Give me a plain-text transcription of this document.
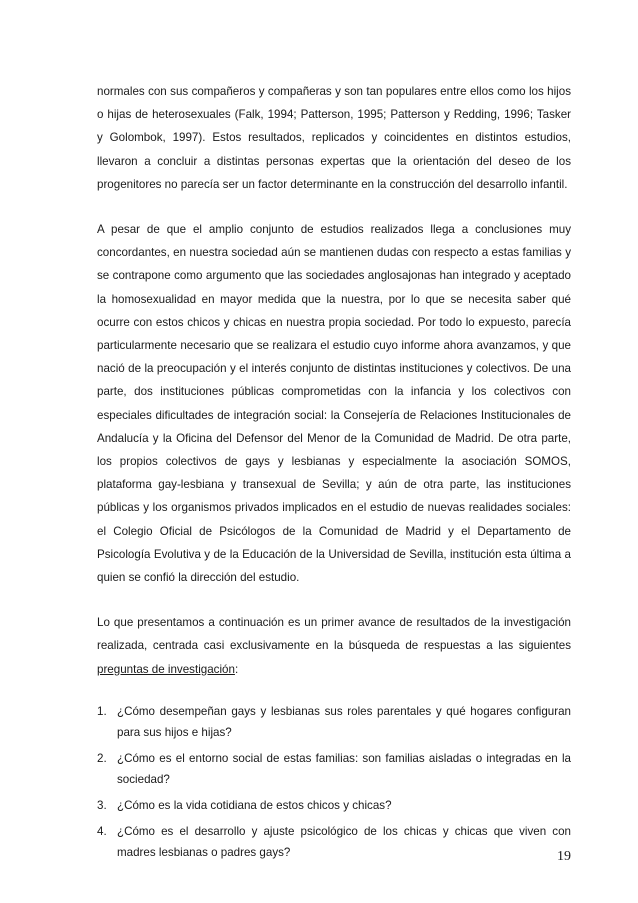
normales con sus compañeros y compañeras y son tan populares entre ellos como los hijos o hijas de heterosexuales (Falk, 1994; Patterson, 1995; Patterson y Redding, 1996; Tasker y Golombok, 1997). Estos resultados, replicados y coincidentes en distintos estudios, llevaron a concluir a distintas personas expertas que la orientación del deseo de los progenitores no parecía ser un factor determinante en la construcción del desarrollo infantil.

A pesar de que el amplio conjunto de estudios realizados llega a conclusiones muy concordantes, en nuestra sociedad aún se mantienen dudas con respecto a estas familias y se contrapone como argumento que las sociedades anglosajonas han integrado y aceptado la homosexualidad en mayor medida que la nuestra, por lo que se necesita saber qué ocurre con estos chicos y chicas en nuestra propia sociedad. Por todo lo expuesto, parecía particularmente necesario que se realizara el estudio cuyo informe ahora avanzamos, y que nació de la preocupación y el interés conjunto de distintas instituciones y colectivos. De una parte, dos instituciones públicas comprometidas con la infancia y los colectivos con especiales dificultades de integración social: la Consejería de Relaciones Institucionales de Andalucía y la Oficina del Defensor del Menor de la Comunidad de Madrid. De otra parte, los propios colectivos de gays y lesbianas y especialmente la asociación SOMOS, plataforma gay-lesbiana y transexual de Sevilla; y aún de otra parte, las instituciones públicas y los organismos privados implicados en el estudio de nuevas realidades sociales: el Colegio Oficial de Psicólogos de la Comunidad de Madrid y el Departamento de Psicología Evolutiva y de la Educación de la Universidad de Sevilla, institución esta última a quien se confió la dirección del estudio.

Lo que presentamos a continuación es un primer avance de resultados de la investigación realizada, centrada casi exclusivamente en la búsqueda de respuestas a las siguientes preguntas de investigación:

1. ¿Cómo desempeñan gays y lesbianas sus roles parentales y qué hogares configuran para sus hijos e hijas?
2. ¿Cómo es el entorno social de estas familias: son familias aisladas o integradas en la sociedad?
3. ¿Cómo es la vida cotidiana de estos chicos y chicas?
4. ¿Cómo es el desarrollo y ajuste psicológico de los chicas y chicas que viven con madres lesbianas o padres gays?	19
